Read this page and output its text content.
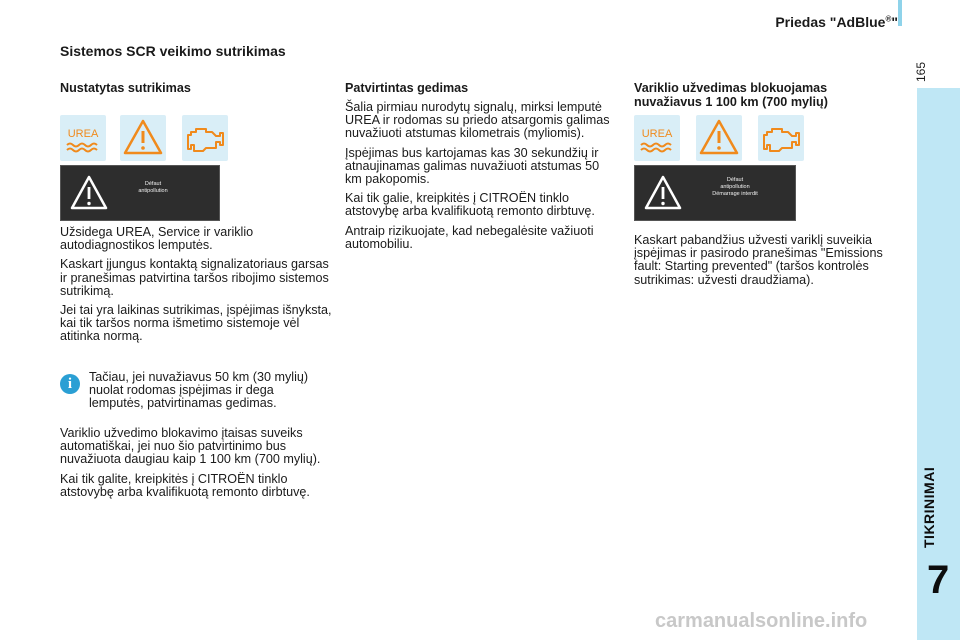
Priedas "AdBlue®"
165
TIKRINIMAI
7
Sistemos SCR veikimo sutrikimas
Nustatytas sutrikimas
UREA
Défaut
antipollution

Užsidega UREA, Service ir variklio autodiagnostikos lemputės.

Kaskart įjungus kontaktą signalizatoriaus garsas ir pranešimas patvirtina taršos ribojimo sistemos sutrikimą.

Jei tai yra laikinas sutrikimas, įspėjimas išnyksta, kai tik taršos norma išmetimo sistemoje vėl atitinka normą.

i	Tačiau, jei nuvažiavus 50 km (30 mylių) nuolat rodomas įspėjimas ir dega lemputės, patvirtinamas gedimas.

Variklio užvedimo blokavimo įtaisas suveiks automatiškai, jei nuo šio patvirtinimo bus nuvažiuota daugiau kaip 1 100 km (700 mylių).

Kai tik galite, kreipkitės į CITROËN tinklo atstovybę arba kvalifikuotą remonto dirbtuvę.

Patvirtintas gedimas

Šalia pirmiau nurodytų signalų, mirksi lemputė UREA ir rodomas su priedo atsargomis galimas nuvažiuoti atstumas kilometrais (myliomis).

Įspėjimas bus kartojamas kas 30 sekundžių ir atnaujinamas galimas nuvažiuoti atstumas 50 km pakopomis.

Kai tik galie, kreipkitės į CITROËN tinklo atstovybę arba kvalifikuotą remonto dirbtuvę.

Antraip rizikuojate, kad nebegalėsite važiuoti automobiliu.

Variklio užvedimas blokuojamas nuvažiavus 1 100 km (700 mylių)
UREA
Défaut
antipollution
Démarrage interdit

Kaskart pabandžius užvesti variklį suveikia įspėjimas ir pasirodo pranešimas "Emissions fault: Starting prevented" (taršos kontrolės sutrikimas: užvesti draudžiama).

carmanualsonline.info
